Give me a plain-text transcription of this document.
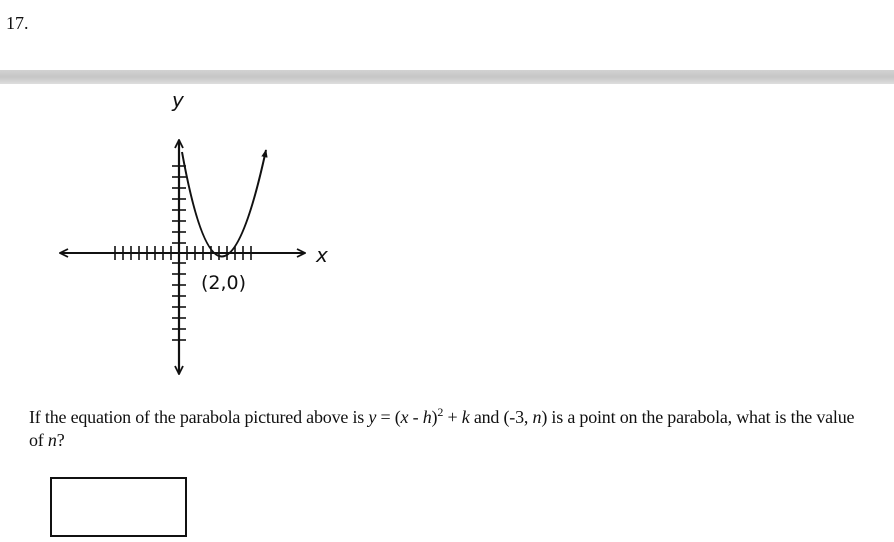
17.
y
x
(2,0)
If the equation of the parabola pictured above is y = (x - h)$^2$ + k and (-3, n) is a point on the parabola, what is the value of n?
